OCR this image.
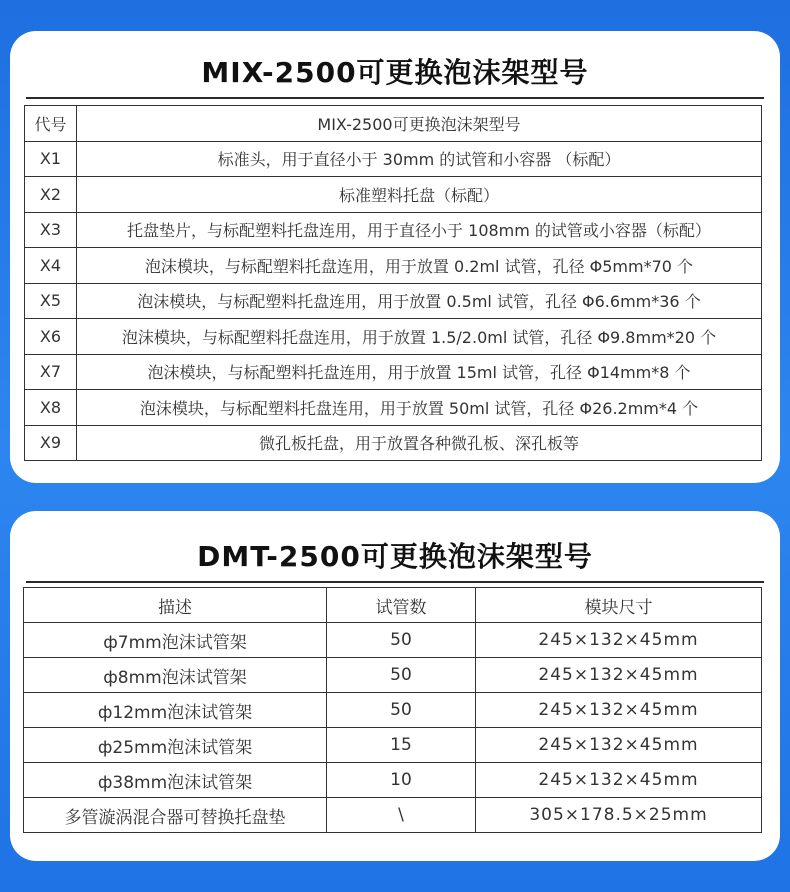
MIX-2500可更换泡沫架型号
代号	MIX-2500可更换泡沫架型号
X1	标准头，用于直径小于 30mm 的试管和小容器 （标配）
X2	标准塑料托盘（标配）
X3	托盘垫片，与标配塑料托盘连用，用于直径小于 108mm 的试管或小容器（标配）
X4	泡沫模块，与标配塑料托盘连用，用于放置 0.2ml 试管，孔径 Φ5mm*70 个
X5	泡沫模块，与标配塑料托盘连用，用于放置 0.5ml 试管，孔径 Φ6.6mm*36 个
X6	泡沫模块，与标配塑料托盘连用，用于放置 1.5/2.0ml 试管，孔径 Φ9.8mm*20 个
X7	泡沫模块，与标配塑料托盘连用，用于放置 15ml 试管，孔径 Φ14mm*8 个
X8	泡沫模块，与标配塑料托盘连用，用于放置 50ml 试管，孔径 Φ26.2mm*4 个
X9	微孔板托盘，用于放置各种微孔板、深孔板等
DMT-2500可更换泡沫架型号
描述	试管数	模块尺寸
ф7mm泡沫试管架	50	245×132×45mm
ф8mm泡沫试管架	50	245×132×45mm
ф12mm泡沫试管架	50	245×132×45mm
ф25mm泡沫试管架	15	245×132×45mm
ф38mm泡沫试管架	10	245×132×45mm
多管漩涡混合器可替换托盘垫	\	305×178.5×25mm
